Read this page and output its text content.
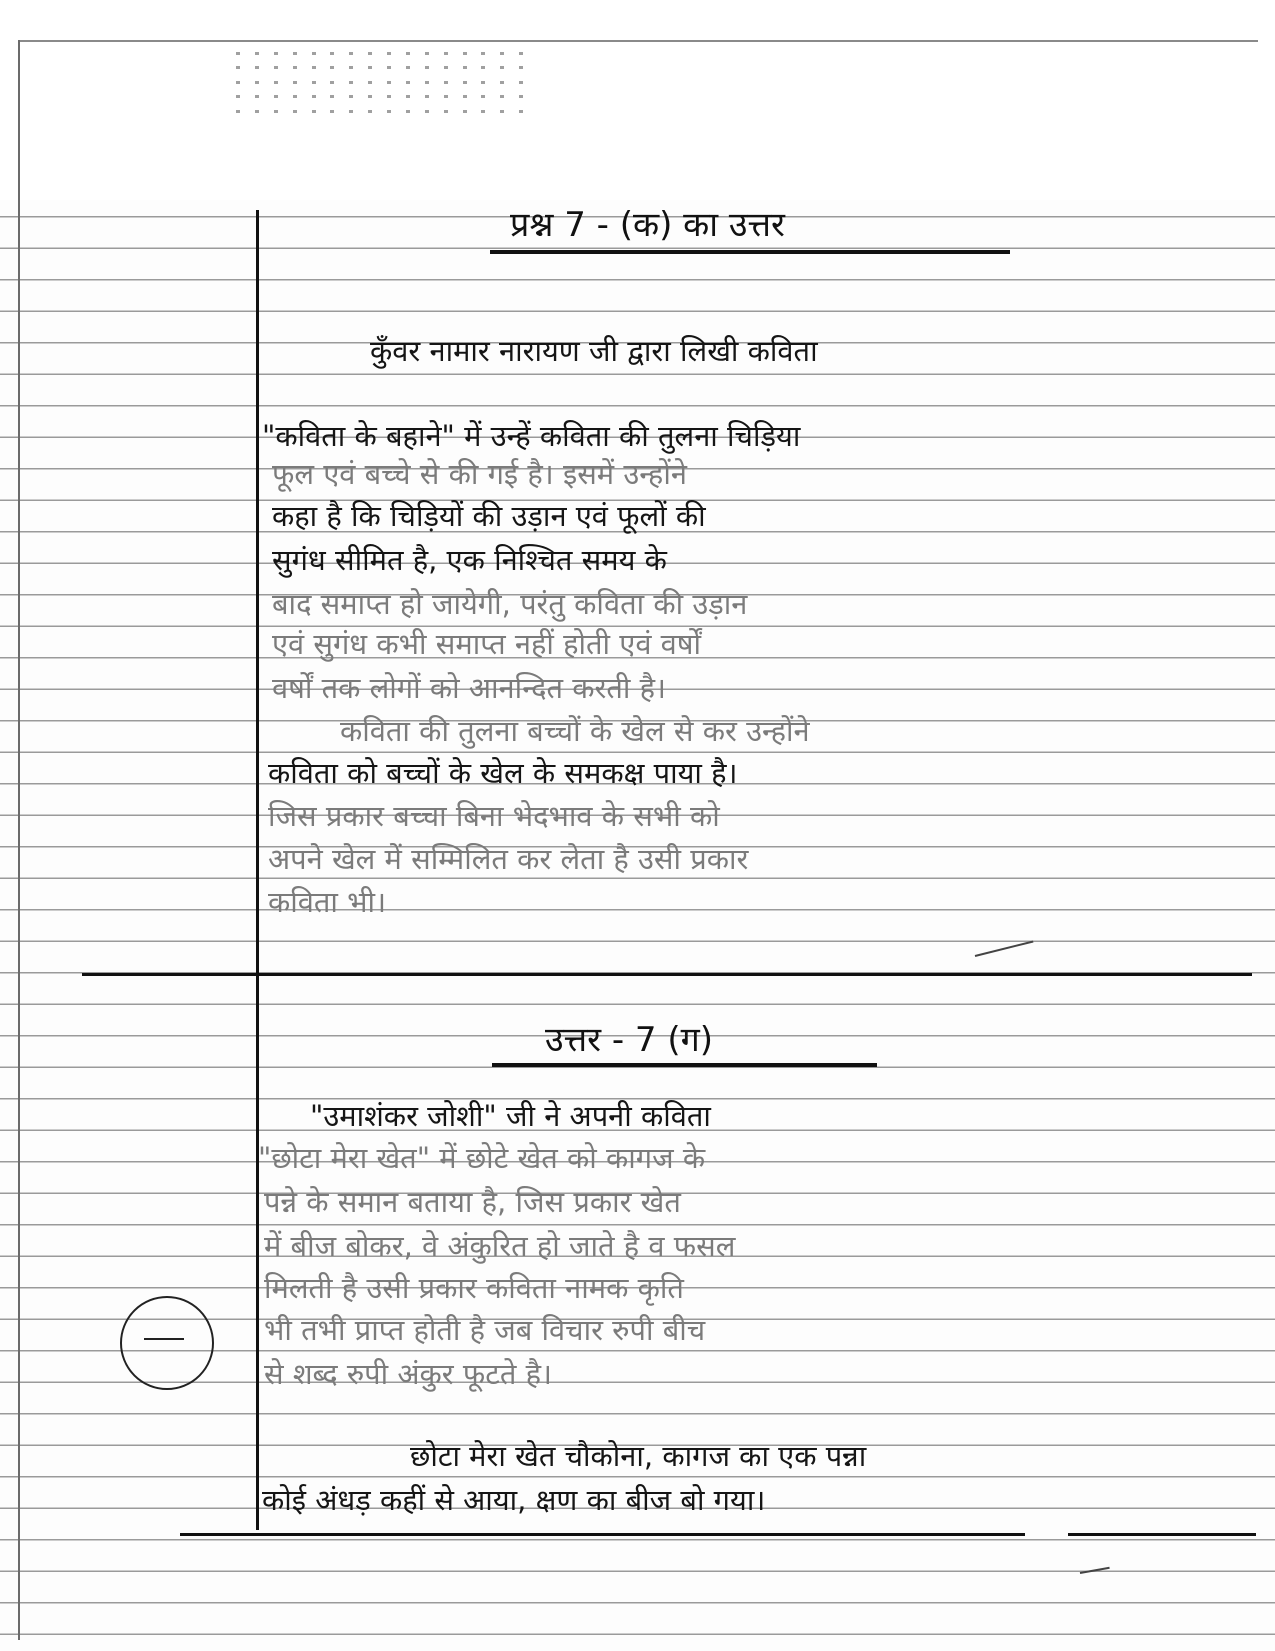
प्रश्न 7 - (क) का उत्तर
कुँवर नामार नारायण जी द्वारा लिखी कविता
"कविता के बहाने" में उन्हें कविता की तुलना चिड़िया
फूल एवं बच्चे से की गई है। इसमें उन्होंने
कहा है कि चिड़ियों की उड़ान एवं फूलों की
सुगंध सीमित है, एक निश्चित समय के
बाद समाप्त हो जायेगी, परंतु कविता की उड़ान
एवं सुगंध कभी समाप्त नहीं होती एवं वर्षों
वर्षों तक लोगों को आनन्दित करती है।
कविता की तुलना बच्चों के खेल से कर उन्होंने
कविता को बच्चों के खेल के समकक्ष पाया है।
जिस प्रकार बच्चा बिना भेदभाव के सभी को
अपने खेल में सम्मिलित कर लेता है उसी प्रकार
कविता भी।
उत्तर - 7 (ग)
"उमाशंकर जोशी" जी ने अपनी कविता
"छोटा मेरा खेत" में छोटे खेत को कागज के
पन्ने के समान बताया है, जिस प्रकार खेत
में बीज बोकर, वे अंकुरित हो जाते है व फसल
मिलती है उसी प्रकार कविता नामक कृति
भी तभी प्राप्त होती है जब विचार रुपी बीच
से शब्द रुपी अंकुर फूटते है।
छोटा मेरा खेत चौकोना, कागज का एक पन्ना
कोई अंधड़ कहीं से आया, क्षण का बीज बो गया।
